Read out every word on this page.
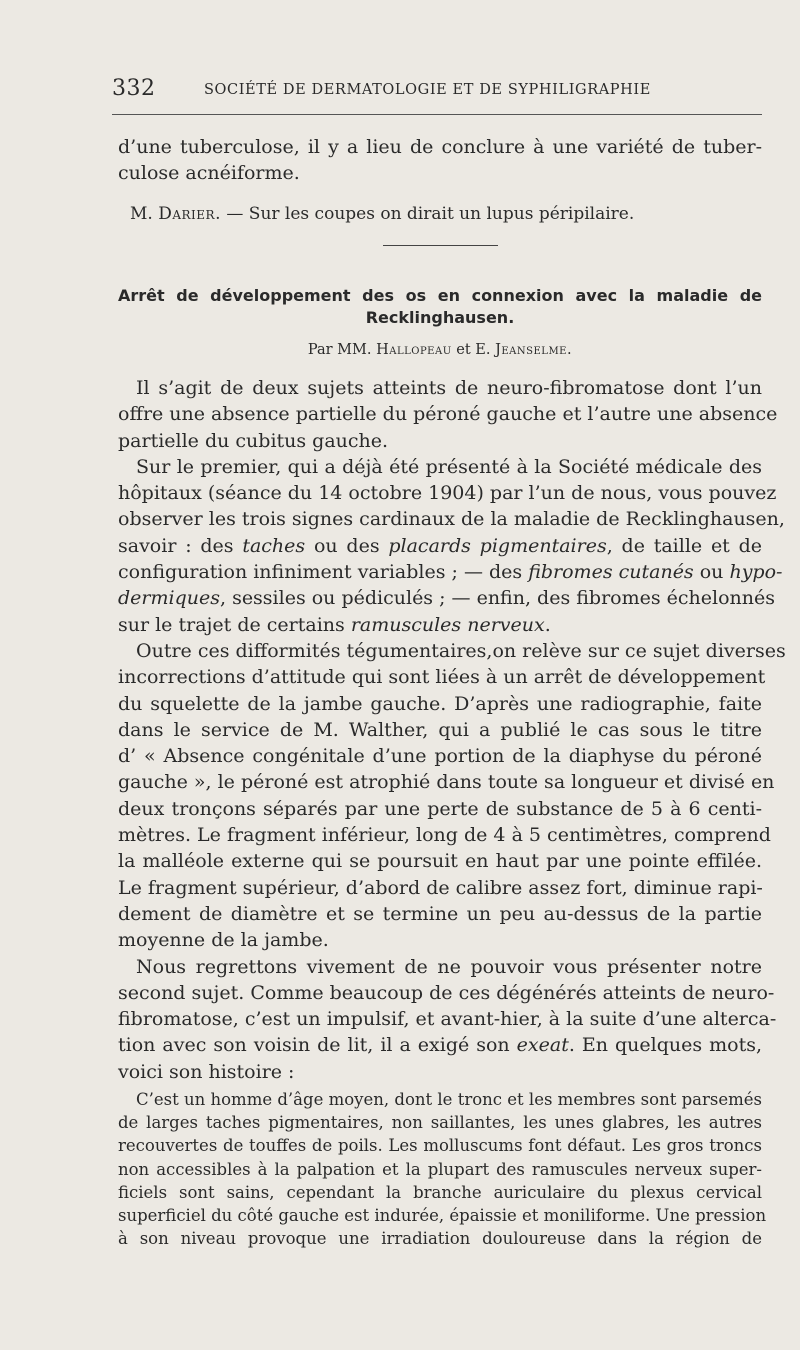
332	SOCIÉTÉ DE DERMATOLOGIE ET DE SYPHILIGRAPHIE
d’une tuberculose, il y a lieu de conclure à une variété de tuber-
culose acnéiforme.
M. Darier. — Sur les coupes on dirait un lupus péripilaire.
Arrêt de développement des os en connexion avec la maladie de
Recklinghausen.
Par MM. Hallopeau et E. Jeanselme.
Il s’agit de deux sujets atteints de neuro-fibromatose dont l’un
offre une absence partielle du péroné gauche et l’autre une absence
partielle du cubitus gauche.
Sur le premier, qui a déjà été présenté à la Société médicale des
hôpitaux (séance du 14 octobre 1904) par l’un de nous, vous pouvez
observer les trois signes cardinaux de la maladie de Recklinghausen,
savoir : des taches ou des placards pigmentaires, de taille et de
configuration infiniment variables ; — des fibromes cutanés ou hypo-
dermiques, sessiles ou pédiculés ; — enfin, des fibromes échelonnés
sur le trajet de certains ramuscules nerveux.
Outre ces difformités tégumentaires,on relève sur ce sujet diverses
incorrections d’attitude qui sont liées à un arrêt de développement
du squelette de la jambe gauche. D’après une radiographie, faite
dans le service de M. Walther, qui a publié le cas sous le titre
d’ « Absence congénitale d’une portion de la diaphyse du péroné
gauche », le péroné est atrophié dans toute sa longueur et divisé en
deux tronçons séparés par une perte de substance de 5 à 6 centi-
mètres. Le fragment inférieur, long de 4 à 5 centimètres, comprend
la malléole externe qui se poursuit en haut par une pointe effilée.
Le fragment supérieur, d’abord de calibre assez fort, diminue rapi-
dement de diamètre et se termine un peu au-dessus de la partie
moyenne de la jambe.
Nous regrettons vivement de ne pouvoir vous présenter notre
second sujet. Comme beaucoup de ces dégénérés atteints de neuro-
fibromatose, c’est un impulsif, et avant-hier, à la suite d’une alterca-
tion avec son voisin de lit, il a exigé son exeat. En quelques mots,
voici son histoire :
C’est un homme d’âge moyen, dont le tronc et les membres sont parsemés
de larges taches pigmentaires, non saillantes, les unes glabres, les autres
recouvertes de touffes de poils. Les molluscums font défaut. Les gros troncs
non accessibles à la palpation et la plupart des ramuscules nerveux super-
ficiels sont sains, cependant la branche auriculaire du plexus cervical
superficiel du côté gauche est indurée, épaissie et moniliforme. Une pression
à son niveau provoque une irradiation douloureuse dans la région de
